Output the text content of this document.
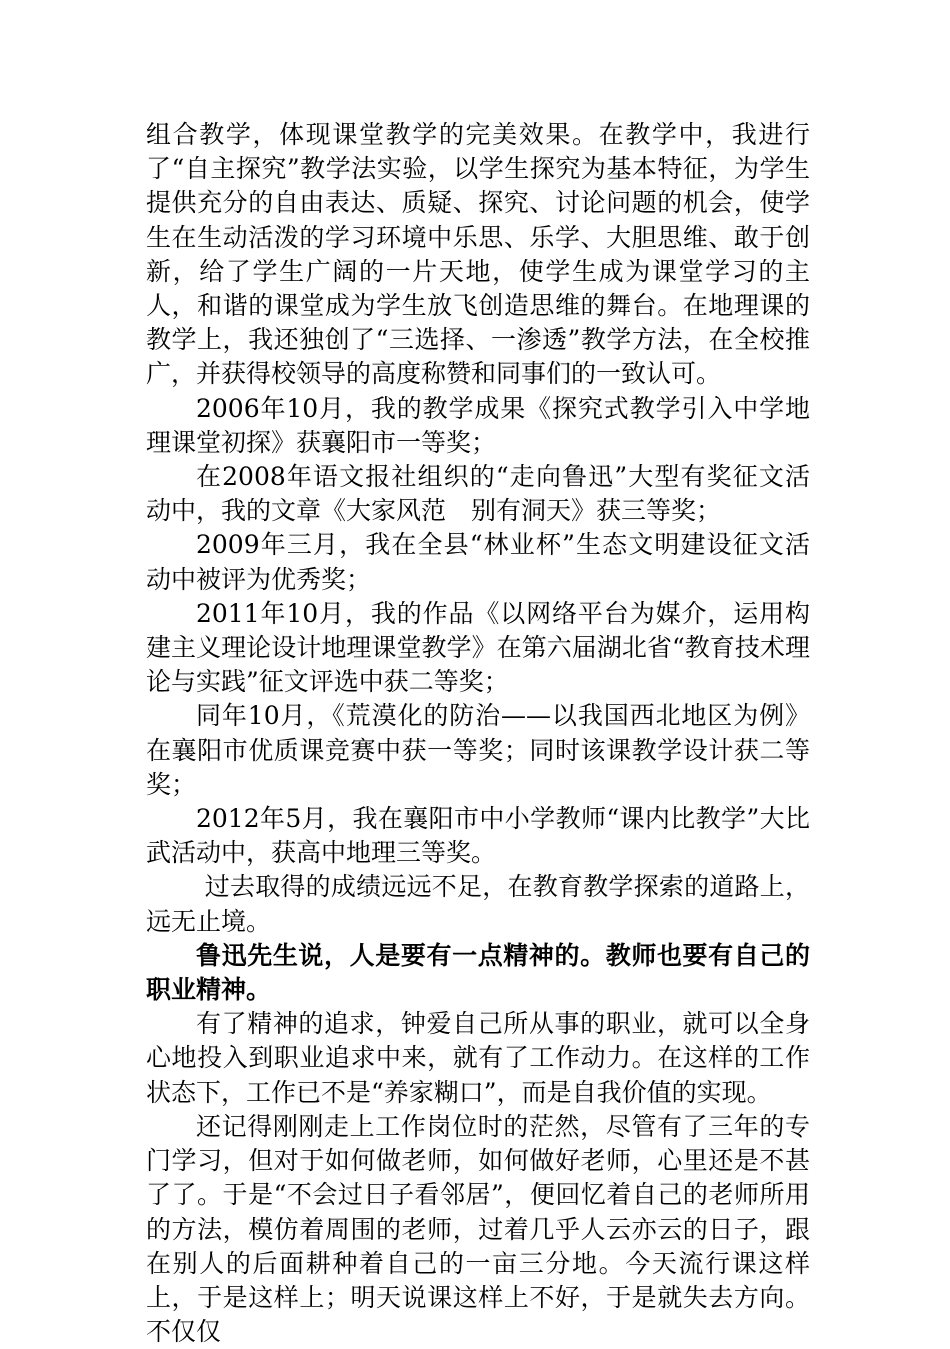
组合教学，体现课堂教学的完美效果。在教学中，我进行了“自主探究”教学法实验，以学生探究为基本特征，为学生提供充分的自由表达、质疑、探究、讨论问题的机会，使学生在生动活泼的学习环境中乐思、乐学、大胆思维、敢于创新，给了学生广阔的一片天地，使学生成为课堂学习的主人，和谐的课堂成为学生放飞创造思维的舞台。在地理课的教学上，我还独创了“三选择、一渗透”教学方法，在全校推广，并获得校领导的高度称赞和同事们的一致认可。

2006年10月，我的教学成果《探究式教学引入中学地理课堂初探》获襄阳市一等奖；

在2008年语文报社组织的“走向鲁迅”大型有奖征文活动中，我的文章《大家风范　别有洞天》获三等奖；

2009年三月，我在全县“林业杯”生态文明建设征文活动中被评为优秀奖；

2011年10月，我的作品《以网络平台为媒介，运用构建主义理论设计地理课堂教学》在第六届湖北省“教育技术理论与实践”征文评选中获二等奖；

同年10月，《荒漠化的防治——以我国西北地区为例》在襄阳市优质课竞赛中获一等奖；同时该课教学设计获二等奖；

2012年5月，我在襄阳市中小学教师“课内比教学”大比武活动中，获高中地理三等奖。

过去取得的成绩远远不足，在教育教学探索的道路上，远无止境。

鲁迅先生说，人是要有一点精神的。教师也要有自己的职业精神。

有了精神的追求，钟爱自己所从事的职业，就可以全身心地投入到职业追求中来，就有了工作动力。在这样的工作状态下，工作已不是“养家糊口”，而是自我价值的实现。

还记得刚刚走上工作岗位时的茫然，尽管有了三年的专门学习，但对于如何做老师，如何做好老师，心里还是不甚了了。于是“不会过日子看邻居”，便回忆着自己的老师所用的方法，模仿着周围的老师，过着几乎人云亦云的日子，跟在别人的后面耕种着自己的一亩三分地。今天流行课这样上，于是这样上；明天说课这样上不好，于是就失去方向。不仅仅
